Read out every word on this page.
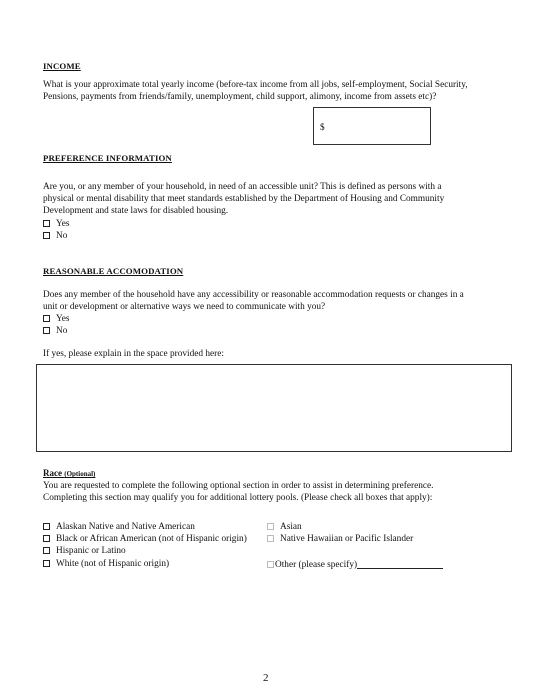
INCOME
What is your approximate total yearly income (before-tax income from all jobs, self-employment, Social Security,
Pensions, payments from friends/family, unemployment, child support, alimony, income from assets etc)?
$
PREFERENCE INFORMATION
Are you, or any member of your household, in need of an accessible unit? This is defined as persons with a
physical or mental disability that meet standards established by the Department of Housing and Community
Development and state laws for disabled housing.
Yes
No
REASONABLE ACCOMODATION
Does any member of the household have any accessibility or reasonable accommodation requests or changes in a
unit or development or alternative ways we need to communicate with you?
Yes
No
If yes, please explain in the space provided here:
Race (Optional)
You are requested to complete the following optional section in order to assist in determining preference.
Completing this section may qualify you for additional lottery pools. (Please check all boxes that apply):
Alaskan Native and Native American
Black or African American (not of Hispanic origin)
Hispanic or Latino
White (not of Hispanic origin)
Asian
Native Hawaiian or Pacific Islander
Other (please specify)
2
